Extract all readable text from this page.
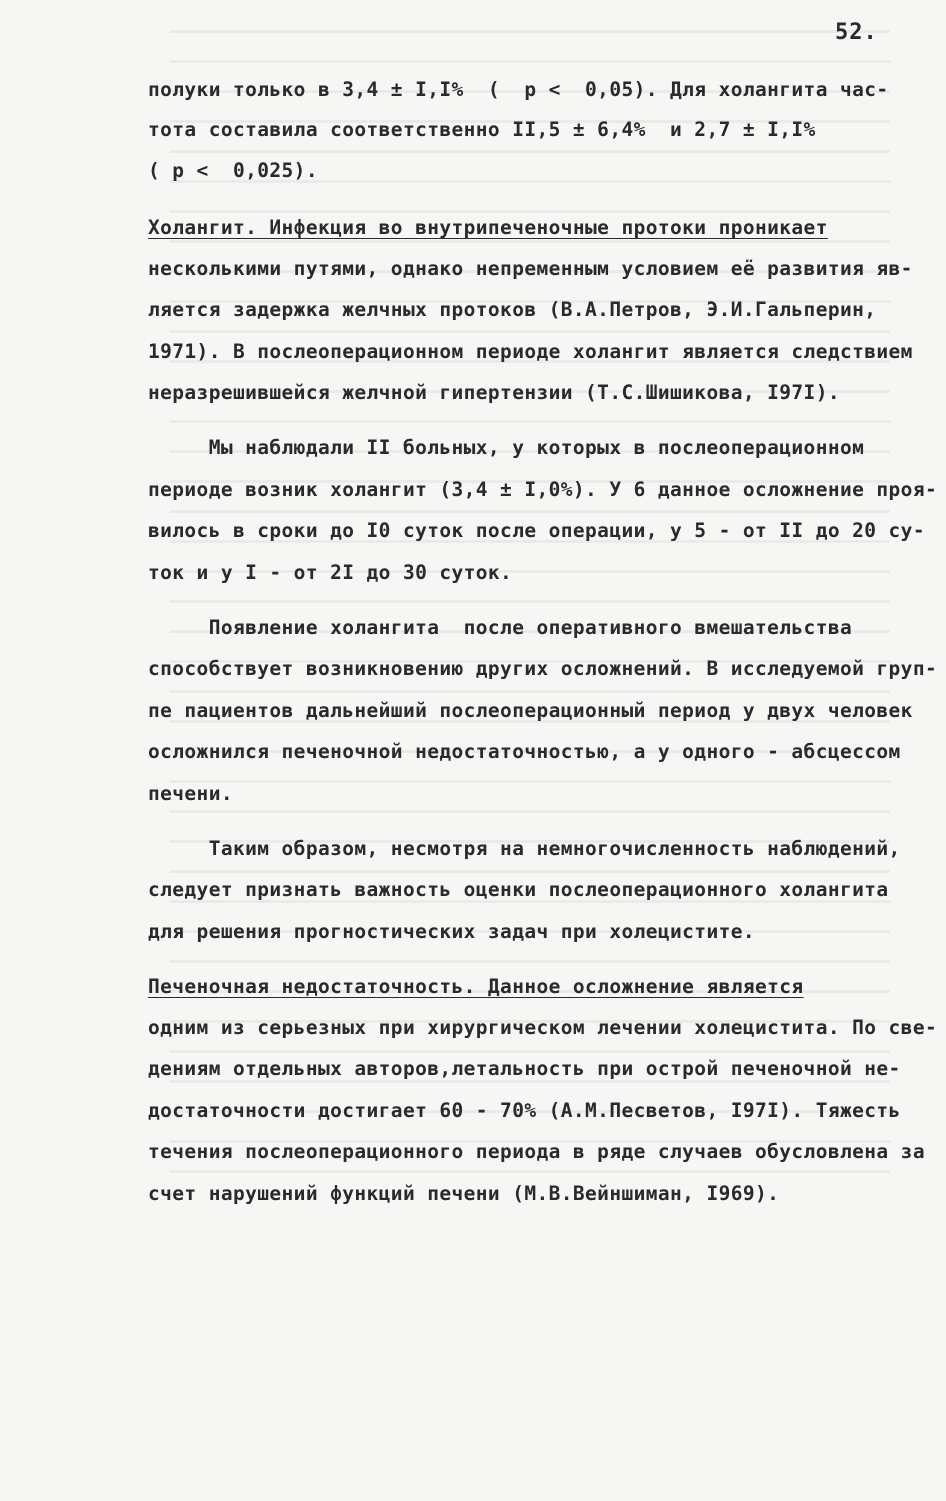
52.
полуки только в 3,4 ± I,I%  (  p <  0,05). Для холангита час-
тота составила соответственно II,5 ± 6,4%  и 2,7 ± I,I%
( p <  0,025).
Холангит. Инфекция во внутрипеченочные протоки проникает
несколькими путями, однако непременным условием её развития яв-
ляется задержка желчных протоков (В.А.Петров, Э.И.Гальперин,
1971). В послеоперационном периоде холангит является следствием
неразрешившейся желчной гипертензии (Т.С.Шишикова, I97I).
Мы наблюдали II больных, у которых в послеоперационном
периоде возник холангит (3,4 ± I,0%). У 6 данное осложнение проя-
вилось в сроки до I0 суток после операции, у 5 - от II до 20 су-
ток и у I - от 2I до 30 суток.
Появление холангита  после оперативного вмешательства
способствует возникновению других осложнений. В исследуемой груп-
пе пациентов дальнейший послеоперационный период у двух человек
осложнился печеночной недостаточностью, а у одного - абсцессом
печени.
Таким образом, несмотря на немногочисленность наблюдений,
следует признать важность оценки послеоперационного холангита
для решения прогностических задач при холецистите.
Печеночная недостаточность. Данное осложнение является
одним из серьезных при хирургическом лечении холецистита. По све-
дениям отдельных авторов,летальность при острой печеночной не-
достаточности достигает 60 - 70% (А.М.Песветов, I97I). Тяжесть
течения послеоперационного периода в ряде случаев обусловлена за
счет нарушений функций печени (М.В.Вейншиман, I969).
